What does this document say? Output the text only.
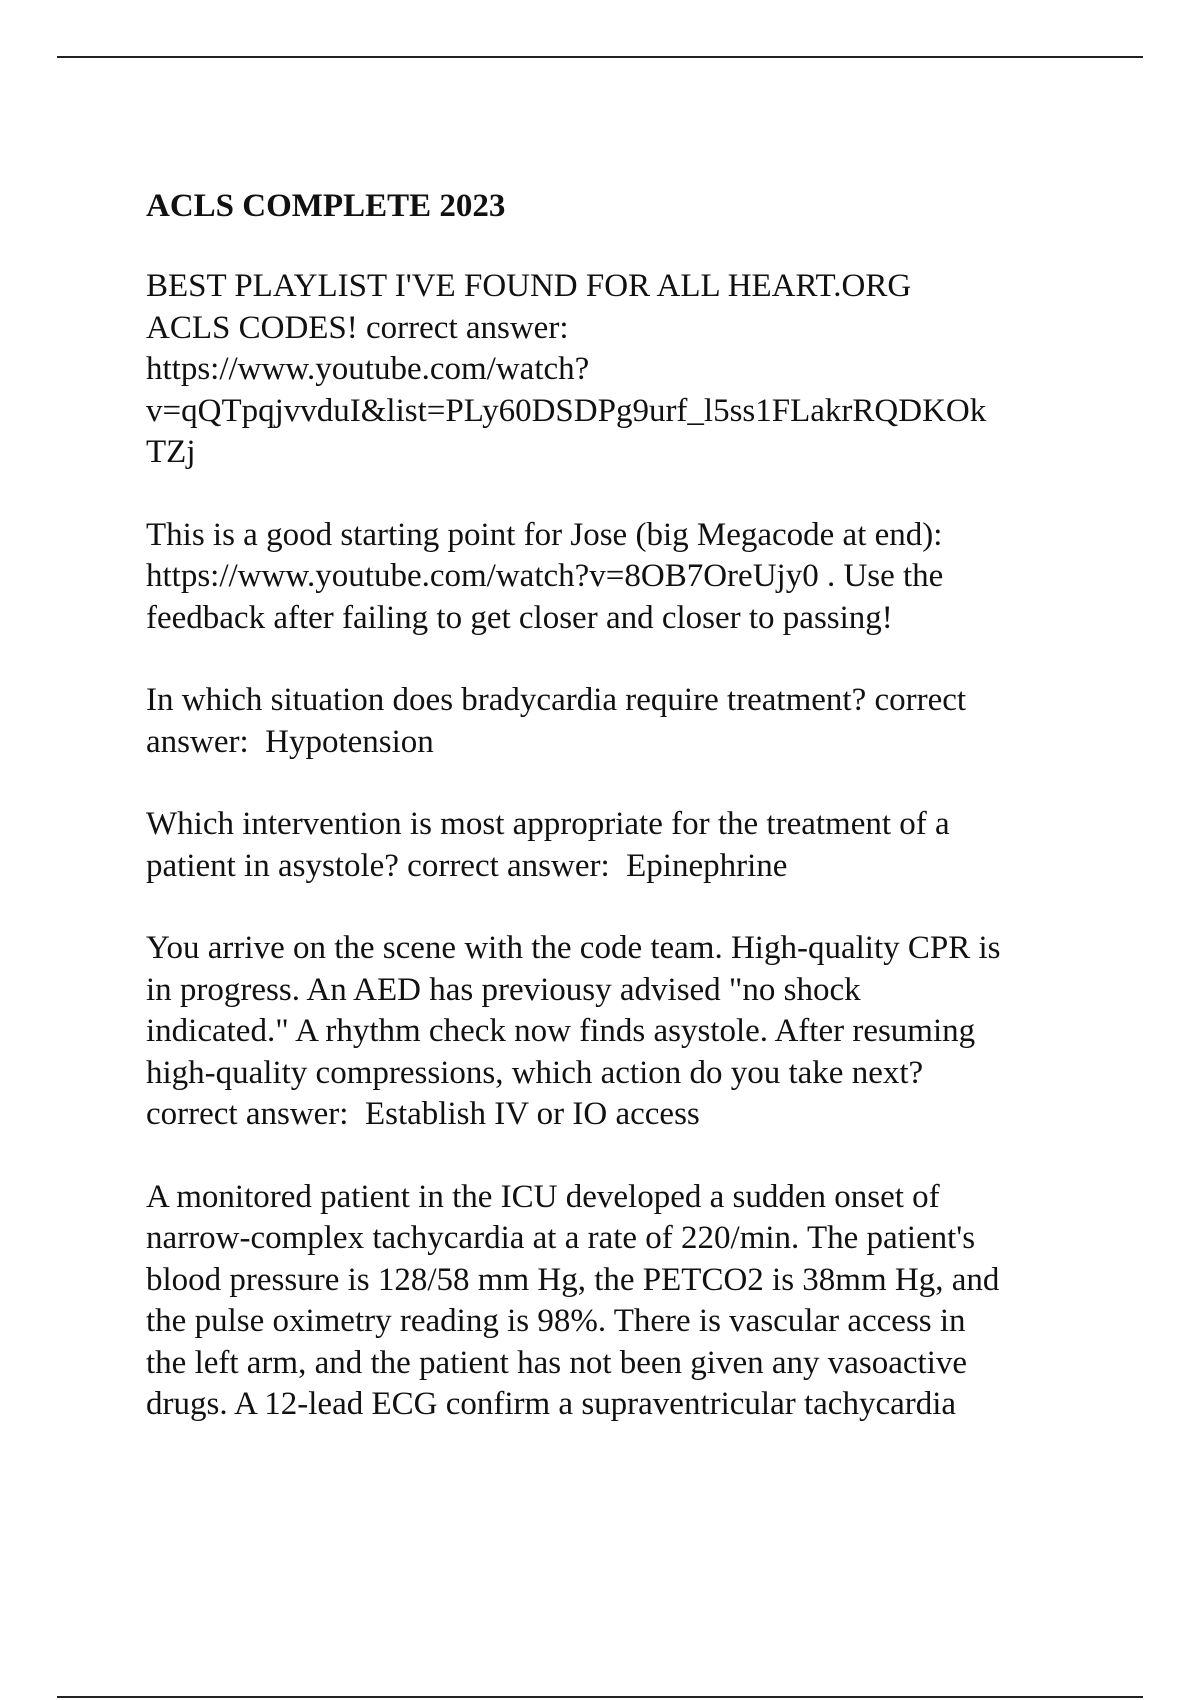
ACLS COMPLETE 2023
BEST PLAYLIST I'VE FOUND FOR ALL HEART.ORG
ACLS CODES! correct answer:
https://www.youtube.com/watch?
v=qQTpqjvvduI&list=PLy60DSDPg9urf_l5ss1FLakrRQDKOk
TZj
This is a good starting point for Jose (big Megacode at end):
https://www.youtube.com/watch?v=8OB7OreUjy0 . Use the
feedback after failing to get closer and closer to passing!
In which situation does bradycardia require treatment? correct
answer:  Hypotension
Which intervention is most appropriate for the treatment of a
patient in asystole? correct answer:  Epinephrine
You arrive on the scene with the code team. High-quality CPR is
in progress. An AED has previousy advised "no shock
indicated." A rhythm check now finds asystole. After resuming
high-quality compressions, which action do you take next?
correct answer:  Establish IV or IO access
A monitored patient in the ICU developed a sudden onset of
narrow-complex tachycardia at a rate of 220/min. The patient's
blood pressure is 128/58 mm Hg, the PETCO2 is 38mm Hg, and
the pulse oximetry reading is 98%. There is vascular access in
the left arm, and the patient has not been given any vasoactive
drugs. A 12-lead ECG confirm a supraventricular tachycardia
